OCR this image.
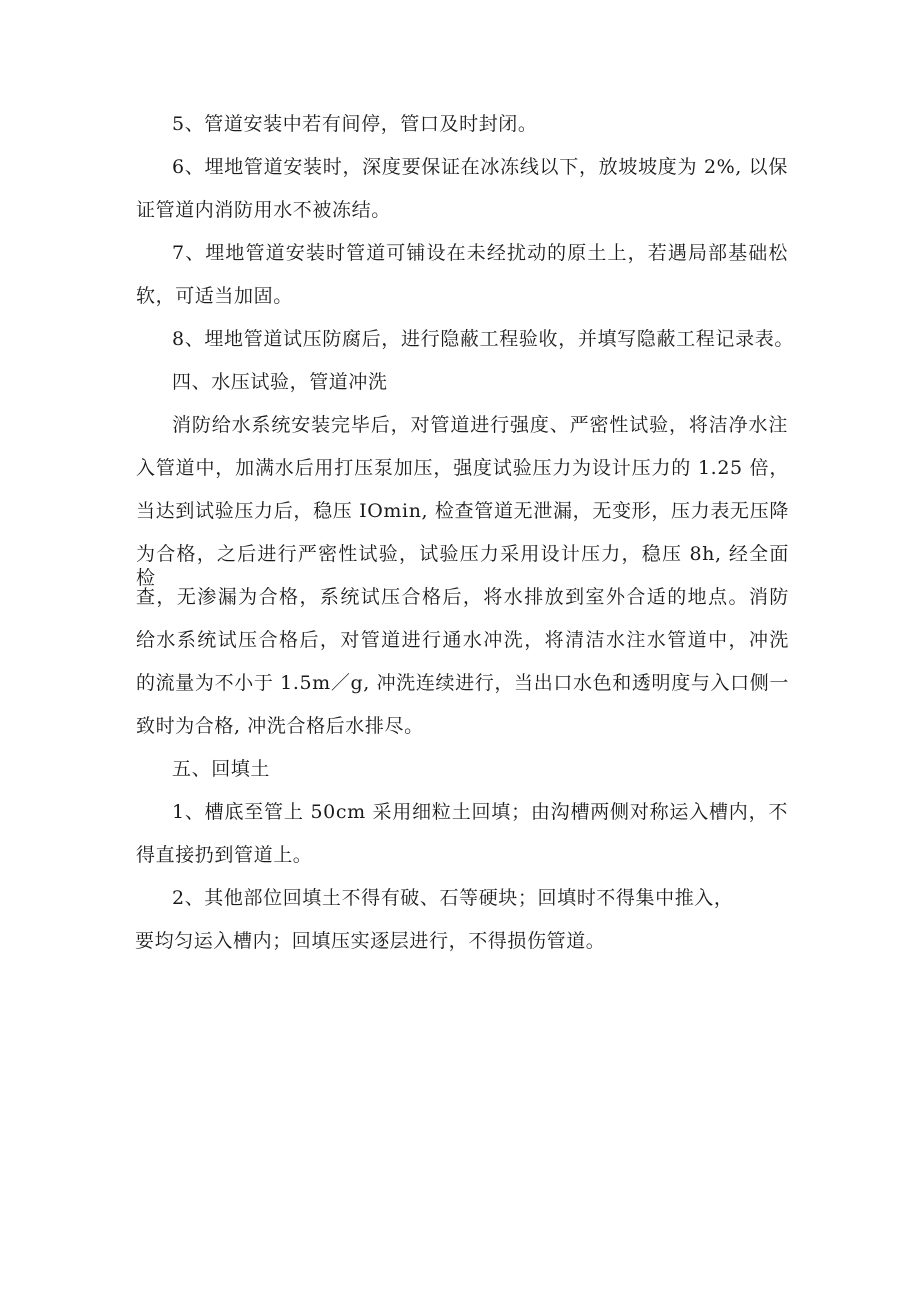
5、管道安装中若有间停，管口及时封闭。
6、埋地管道安装时，深度要保证在冰冻线以下，放坡坡度为 2%, 以保
证管道内消防用水不被冻结。
7、埋地管道安装时管道可铺设在未经扰动的原土上，若遇局部基础松
软，可适当加固。
8、埋地管道试压防腐后，进行隐蔽工程验收，并填写隐蔽工程记录表。
四、水压试验，管道冲洗
消防给水系统安装完毕后，对管道进行强度、严密性试验，将洁净水注
入管道中，加满水后用打压泵加压，强度试验压力为设计压力的 1.25 倍，
当达到试验压力后，稳压 IOmin, 检查管道无泄漏，无变形，压力表无压降
为合格，之后进行严密性试验，试验压力采用设计压力，稳压 8h, 经全面检
查，无渗漏为合格，系统试压合格后，将水排放到室外合适的地点。消防
给水系统试压合格后，对管道进行通水冲洗，将清洁水注水管道中，冲洗
的流量为不小于 1.5m／g, 冲洗连续进行，当出口水色和透明度与入口侧一
致时为合格, 冲洗合格后水排尽。
五、回填土
1、槽底至管上 50cm 采用细粒土回填；由沟槽两侧对称运入槽内，不
得直接扔到管道上。
2、其他部位回填土不得有破、石等硬块；回填时不得集中推入，
要均匀运入槽内；回填压实逐层进行，不得损伤管道。
